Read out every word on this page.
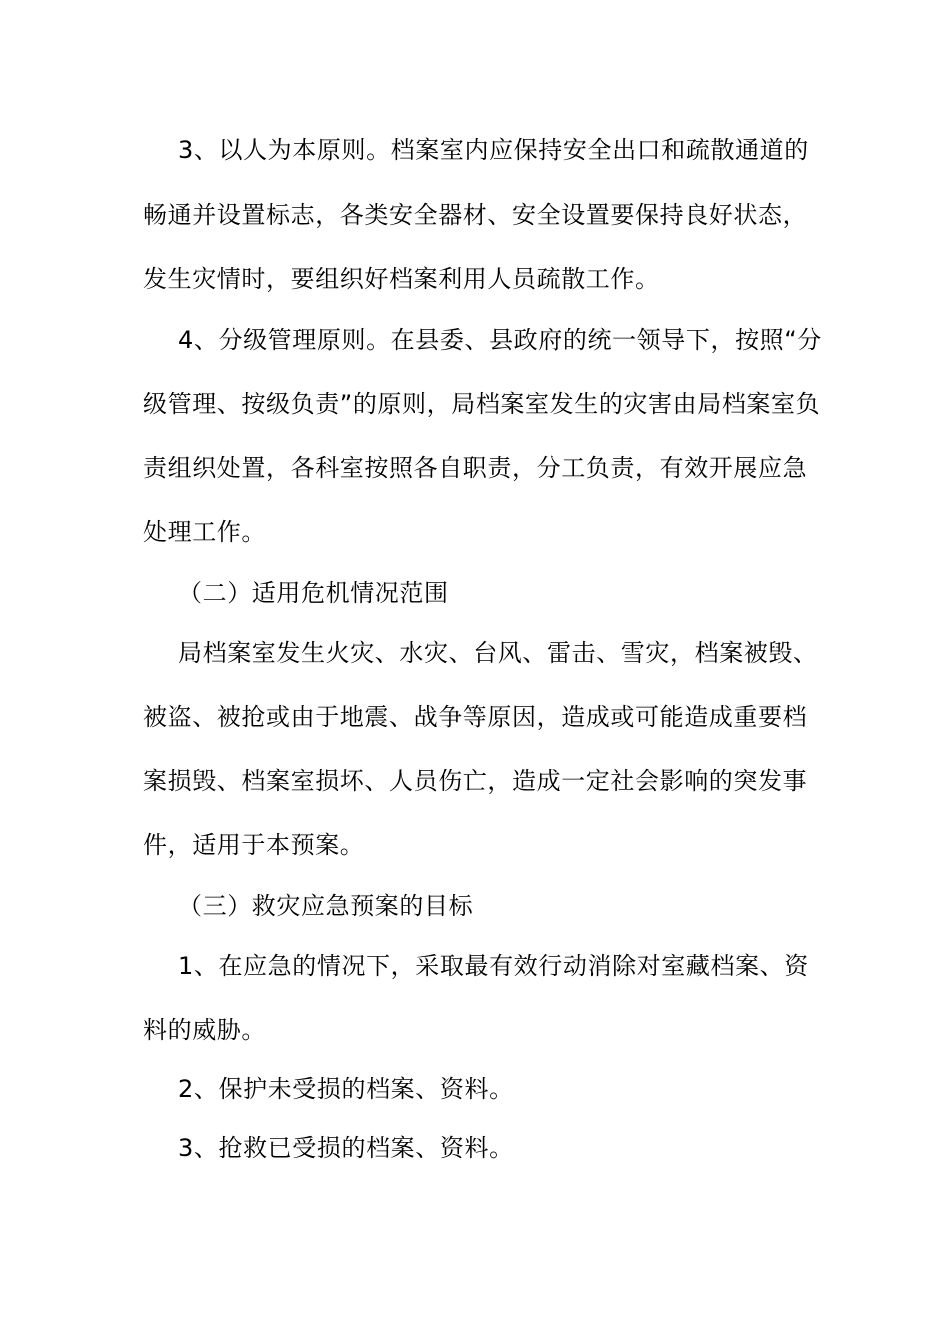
3、以人为本原则。档案室内应保持安全出口和疏散通道的
畅通并设置标志，各类安全器材、安全设置要保持良好状态，
发生灾情时，要组织好档案利用人员疏散工作。
4、分级管理原则。在县委、县政府的统一领导下，按照“分
级管理、按级负责”的原则，局档案室发生的灾害由局档案室负
责组织处置，各科室按照各自职责，分工负责，有效开展应急
处理工作。
（二）适用危机情况范围
局档案室发生火灾、水灾、台风、雷击、雪灾，档案被毁、
被盗、被抢或由于地震、战争等原因，造成或可能造成重要档
案损毁、档案室损坏、人员伤亡，造成一定社会影响的突发事
件，适用于本预案。
（三）救灾应急预案的目标
1、在应急的情况下，采取最有效行动消除对室藏档案、资
料的威胁。
2、保护未受损的档案、资料。
3、抢救已受损的档案、资料。
